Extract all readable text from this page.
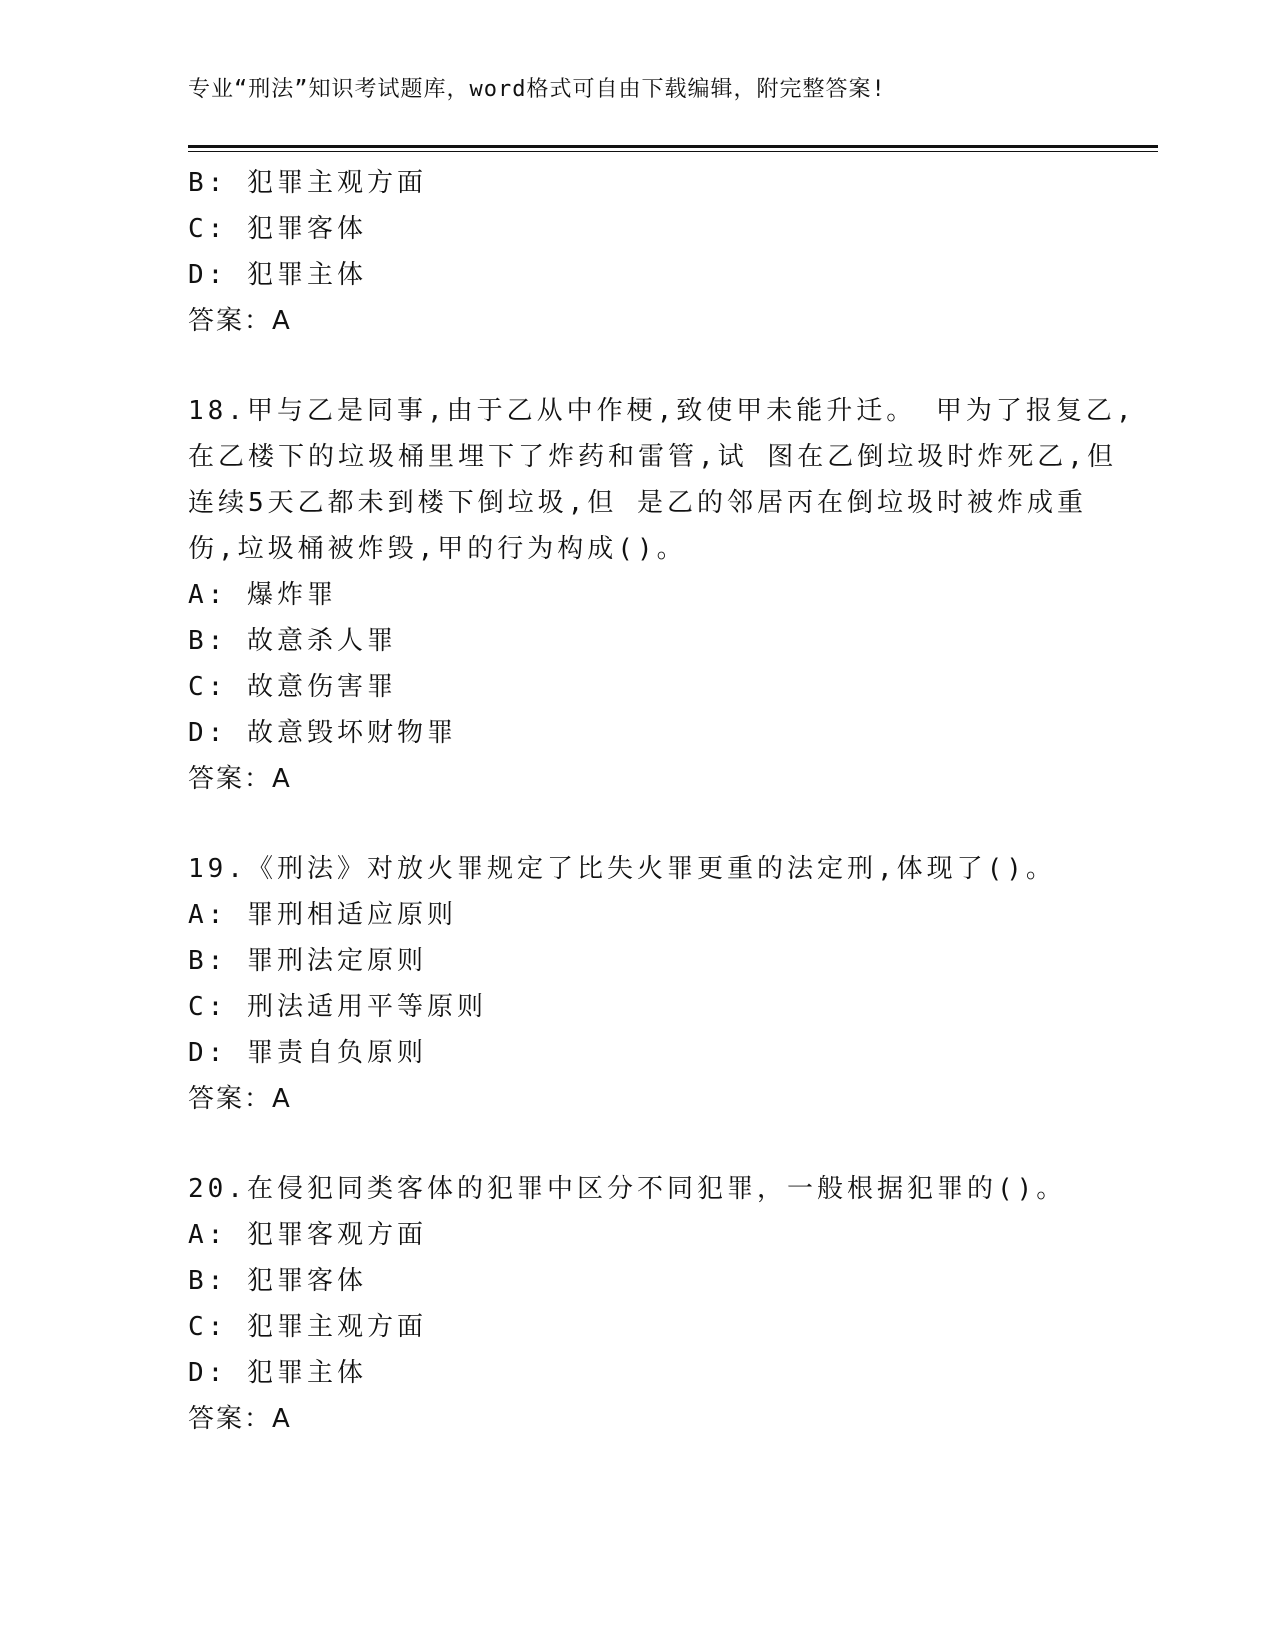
专业“刑法”知识考试题库，word格式可自由下载编辑，附完整答案!
B: 犯罪主观方面
C: 犯罪客体
D: 犯罪主体
答案：A
18.甲与乙是同事,由于乙从中作梗,致使甲未能升迁。 甲为了报复乙,
在乙楼下的垃圾桶里埋下了炸药和雷管,试 图在乙倒垃圾时炸死乙,但
连续5天乙都未到楼下倒垃圾,但 是乙的邻居丙在倒垃圾时被炸成重
伤,垃圾桶被炸毁,甲的行为构成()。
A: 爆炸罪
B: 故意杀人罪
C: 故意伤害罪
D: 故意毁坏财物罪
答案：A
19.《刑法》对放火罪规定了比失火罪更重的法定刑,体现了()。
A: 罪刑相适应原则
B: 罪刑法定原则
C: 刑法适用平等原则
D: 罪责自负原则
答案：A
20.在侵犯同类客体的犯罪中区分不同犯罪，一般根据犯罪的()。
A: 犯罪客观方面
B: 犯罪客体
C: 犯罪主观方面
D: 犯罪主体
答案：A
